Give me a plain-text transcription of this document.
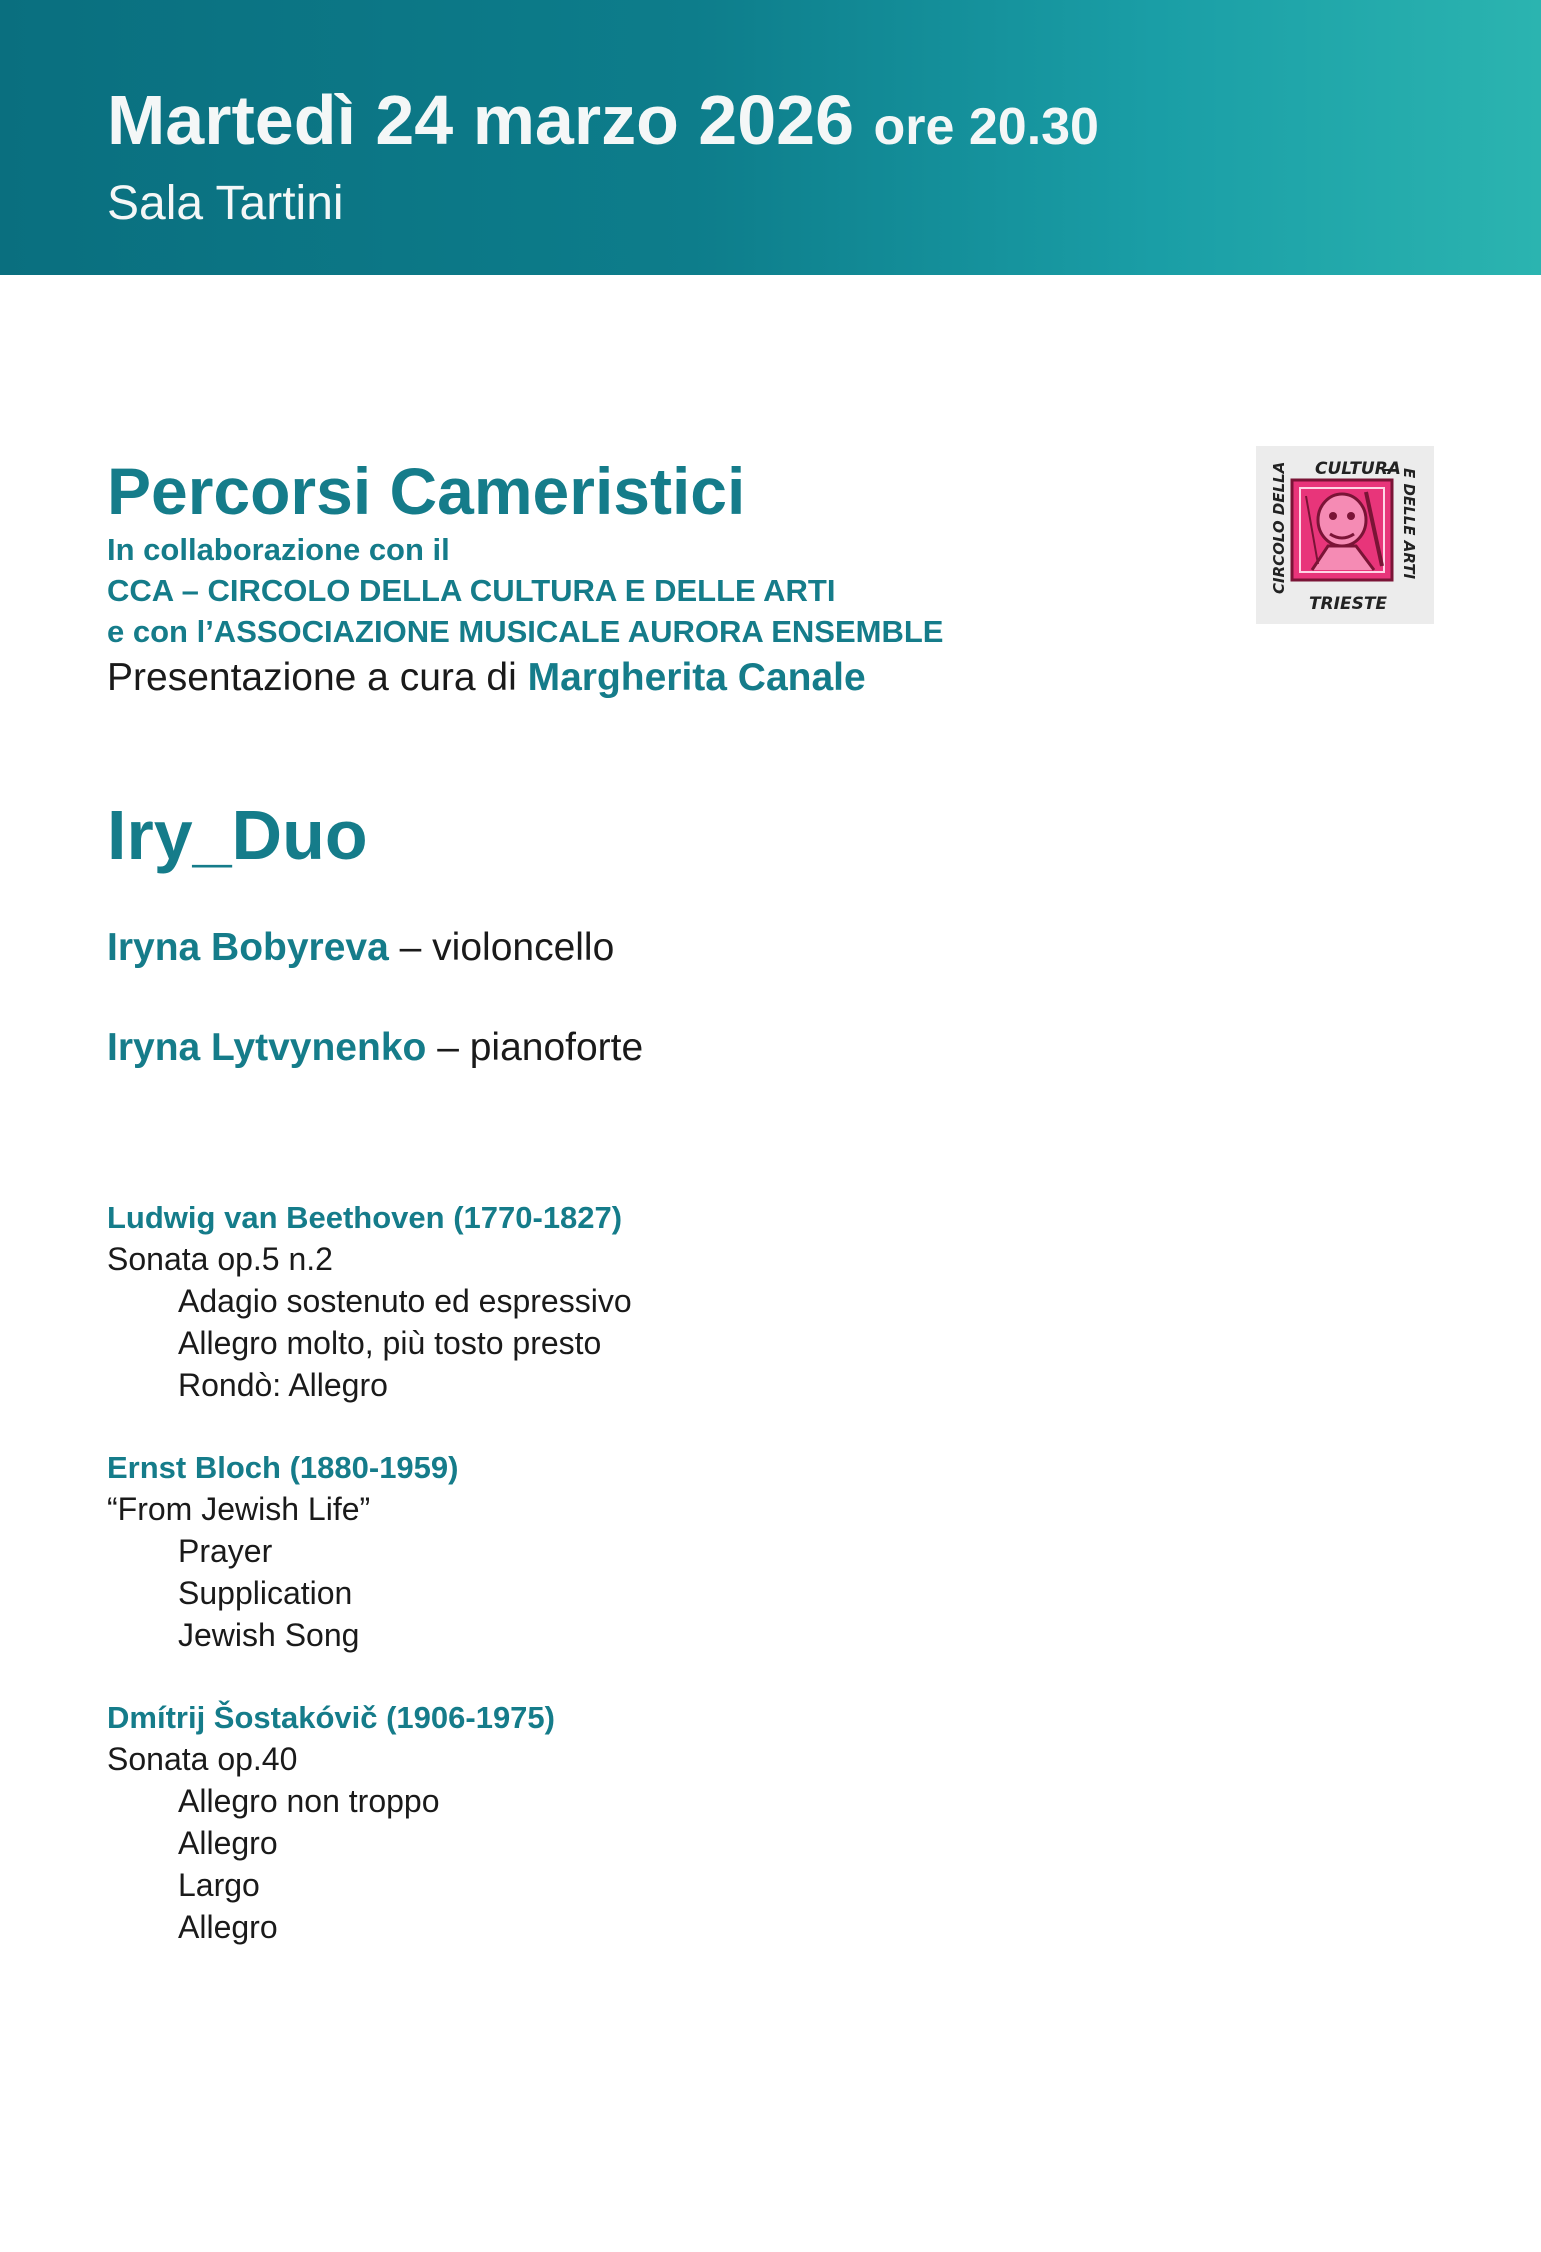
Martedì 24 marzo 2026 ore 20.30
Sala Tartini
Percorsi Cameristici
In collaborazione con il
CCA – CIRCOLO DELLA CULTURA E DELLE ARTI
e con l’ASSOCIAZIONE MUSICALE AURORA ENSEMBLE
Presentazione a cura di Margherita Canale
CULTURA
CIRCOLO DELLA	E DELLE ARTI
TRIESTE
Iry_Duo
Iryna Bobyreva – violoncello
Iryna Lytvynenko – pianoforte
Ludwig van Beethoven (1770-1827)
Sonata op.5 n.2
Adagio sostenuto ed espressivo
Allegro molto, più tosto presto
Rondò: Allegro
Ernst Bloch (1880-1959)
“From Jewish Life”
Prayer
Supplication
Jewish Song
Dmítrij Šostakóvič (1906-1975)
Sonata op.40
Allegro non troppo
Allegro
Largo
Allegro
